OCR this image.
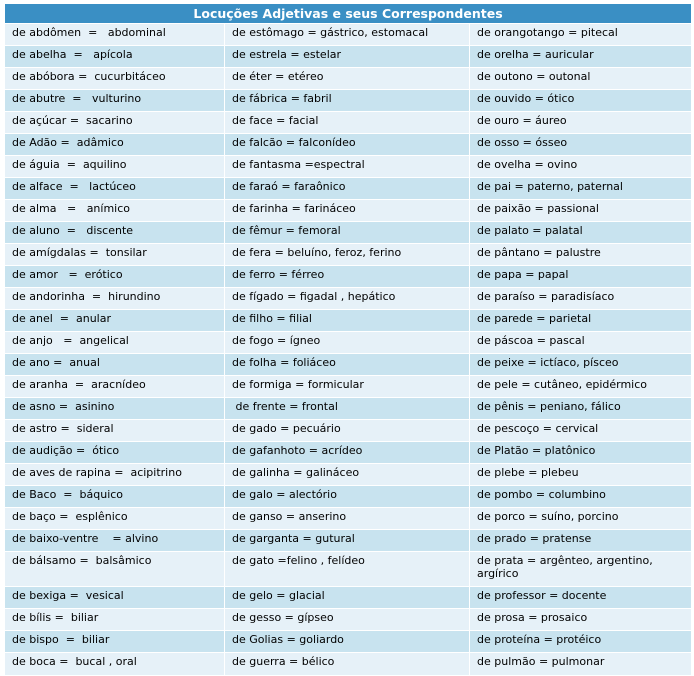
Locuções Adjetivas e seus Correspondentes		
de abdômen  =   abdominal	de estômago = gástrico, estomacal	de orangotango = pitecal
de abelha  =   apícola	de estrela = estelar	de orelha = auricular
de abóbora =  cucurbitáceo	de éter = etéreo	de outono = outonal
de abutre  =   vulturino	de fábrica = fabril	de ouvido = ótico
de açúcar =  sacarino	de face = facial	de ouro = áureo
de Adão =  adâmico	de falcão = falconídeo	de osso = ósseo
de águia  =  aquilino	de fantasma =espectral	de ovelha = ovino
de alface  =   lactúceo	de faraó = faraônico	de pai = paterno, paternal
de alma   =   anímico	de farinha = farináceo	de paixão = passional
de aluno  =   discente	de fêmur = femoral	de palato = palatal
de amígdalas =  tonsilar	de fera = beluíno, feroz, ferino	de pântano = palustre
de amor   =  erótico	de ferro = férreo	de papa = papal
de andorinha  =  hirundino	de fígado = figadal , hepático	de paraíso = paradisíaco
de anel  =  anular	de filho = filial	de parede = parietal
de anjo   =  angelical	de fogo = ígneo	de páscoa = pascal
de ano =  anual	de folha = foliáceo	de peixe = ictíaco, písceo
de aranha  =  aracnídeo	de formiga = formicular	de pele = cutâneo, epidérmico
de asno =  asinino	de frente = frontal	de pênis = peniano, fálico
de astro =  sideral	de gado = pecuário	de pescoço = cervical
de audição =  ótico	de gafanhoto = acrídeo	de Platão = platônico
de aves de rapina =  acipitrino	de galinha = galináceo	de plebe = plebeu
de Baco  =  báquico	de galo = alectório	de pombo = columbino
de baço =  esplênico	de ganso = anserino	de porco = suíno, porcino
de baixo-ventre    = alvino	de garganta = gutural	de prado = pratense
de bálsamo =  balsâmico	de gato =felino , felídeo	de prata = argênteo, argentino, argírico
de bexiga =  vesical	de gelo = glacial	de professor = docente
de bílis =  biliar	de gesso = gípseo	de prosa = prosaico
de bispo  =  biliar	de Golias = goliardo	de proteína = protéico
de boca =  bucal , oral	de guerra = bélico	de pulmão = pulmonar
